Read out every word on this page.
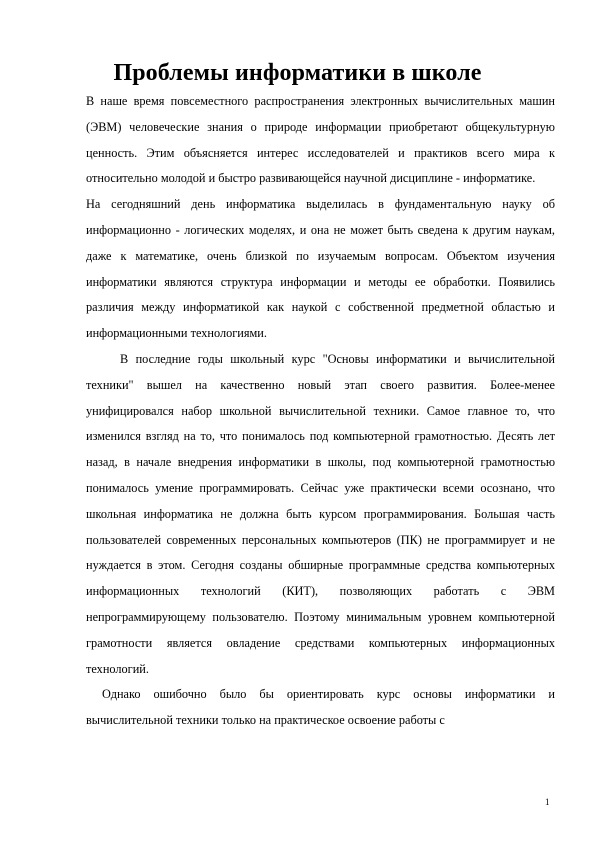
Проблемы информатики в школе

В наше время повсеместного распространения электронных вычислительных машин (ЭВМ) человеческие знания о природе информации приобретают общекультурную ценность. Этим объясняется интерес исследователей и практиков всего мира к относительно молодой и быстро развивающейся научной дисциплине - информатике.

На сегодняшний день информатика выделилась в фундаментальную науку об информационно - логических моделях, и она не может быть сведена к другим наукам, даже к математике, очень близкой по изучаемым вопросам. Объектом изучения информатики являются структура информации и методы ее обработки. Появились различия между информатикой как наукой с собственной предметной областью и информационными технологиями.

В последние годы школьный курс "Основы информатики и вычислительной техники" вышел на качественно новый этап своего развития. Более-менее унифицировался набор школьной вычислительной техники. Самое главное то, что изменился взгляд на то, что понималось под компьютерной грамотностью. Десять лет назад, в начале внедрения информатики в школы, под компьютерной грамотностью понималось умение программировать. Сейчас уже практически всеми осознано, что школьная информатика не должна быть курсом программирования. Большая часть пользователей современных персональных компьютеров (ПК) не программирует и не нуждается в этом. Сегодня созданы обширные программные средства компьютерных информационных технологий (КИТ), позволяющих работать с ЭВМ непрограммирующему пользователю. Поэтому минимальным уровнем компьютерной грамотности является овладение средствами компьютерных информационных технологий.

Однако ошибочно было бы ориентировать курс основы информатики и вычислительной техники только на практическое освоение работы с

1
